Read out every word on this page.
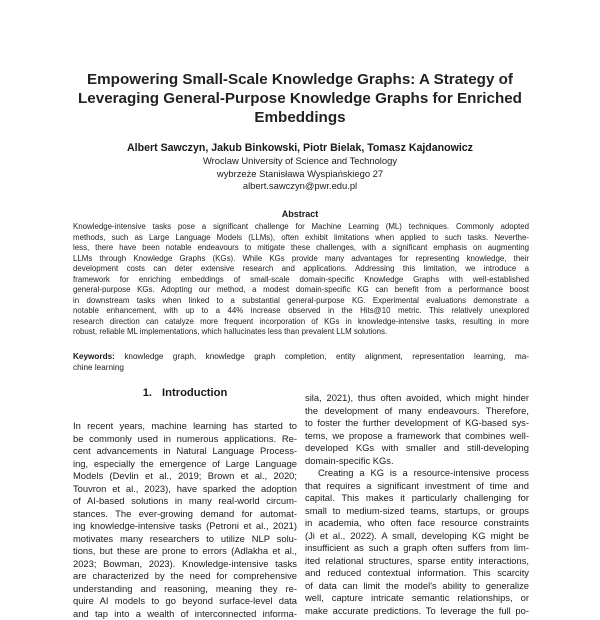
Empowering Small-Scale Knowledge Graphs: A Strategy of
Leveraging General-Purpose Knowledge Graphs for Enriched
Embeddings
Albert Sawczyn, Jakub Binkowski, Piotr Bielak, Tomasz Kajdanowicz
Wroclaw University of Science and Technology
wybrzeże Stanisława Wyspiańskiego 27
albert.sawczyn@pwr.edu.pl
Abstract
Knowledge-intensive tasks pose a significant challenge for Machine Learning (ML) techniques. Commonly adopted
methods, such as Large Language Models (LLMs), often exhibit limitations when applied to such tasks. Neverthe-
less, there have been notable endeavours to mitigate these challenges, with a significant emphasis on augmenting
LLMs through Knowledge Graphs (KGs). While KGs provide many advantages for representing knowledge, their
development costs can deter extensive research and applications. Addressing this limitation, we introduce a
framework for enriching embeddings of small-scale domain-specific Knowledge Graphs with well-established
general-purpose KGs. Adopting our method, a modest domain-specific KG can benefit from a performance boost
in downstream tasks when linked to a substantial general-purpose KG. Experimental evaluations demonstrate a
notable enhancement, with up to a 44% increase observed in the Hits@10 metric. This relatively unexplored
research direction can catalyze more frequent incorporation of KGs in knowledge-intensive tasks, resulting in more
robust, reliable ML implementations, which hallucinates less than prevalent LLM solutions.
Keywords: knowledge graph, knowledge graph completion, entity alignment, representation learning, ma-
chine learning
1. Introduction
In recent years, machine learning has started to
be commonly used in numerous applications. Re-
cent advancements in Natural Language Process-
ing, especially the emergence of Large Language
Models (Devlin et al., 2019; Brown et al., 2020;
Touvron et al., 2023), have sparked the adoption
of AI-based solutions in many real-world circum-
stances. The ever-growing demand for automat-
ing knowledge-intensive tasks (Petroni et al., 2021)
motivates many researchers to utilize NLP solu-
tions, but these are prone to errors (Adlakha et al.,
2023; Bowman, 2023). Knowledge-intensive tasks
are characterized by the need for comprehensive
understanding and reasoning, meaning they re-
quire AI models to go beyond surface-level data
and tap into a wealth of interconnected informa-
sila, 2021), thus often avoided, which might hinder
the development of many endeavours. Therefore,
to foster the further development of KG-based sys-
tems, we propose a framework that combines well-
developed KGs with smaller and still-developing
domain-specific KGs.
Creating a KG is a resource-intensive process
that requires a significant investment of time and
capital. This makes it particularly challenging for
small to medium-sized teams, startups, or groups
in academia, who often face resource constraints
(Ji et al., 2022). A small, developing KG might be
insufficient as such a graph often suffers from lim-
ited relational structures, sparse entity interactions,
and reduced contextual information. This scarcity
of data can limit the model's ability to generalize
well, capture intricate semantic relationships, or
make accurate predictions. To leverage the full po-
